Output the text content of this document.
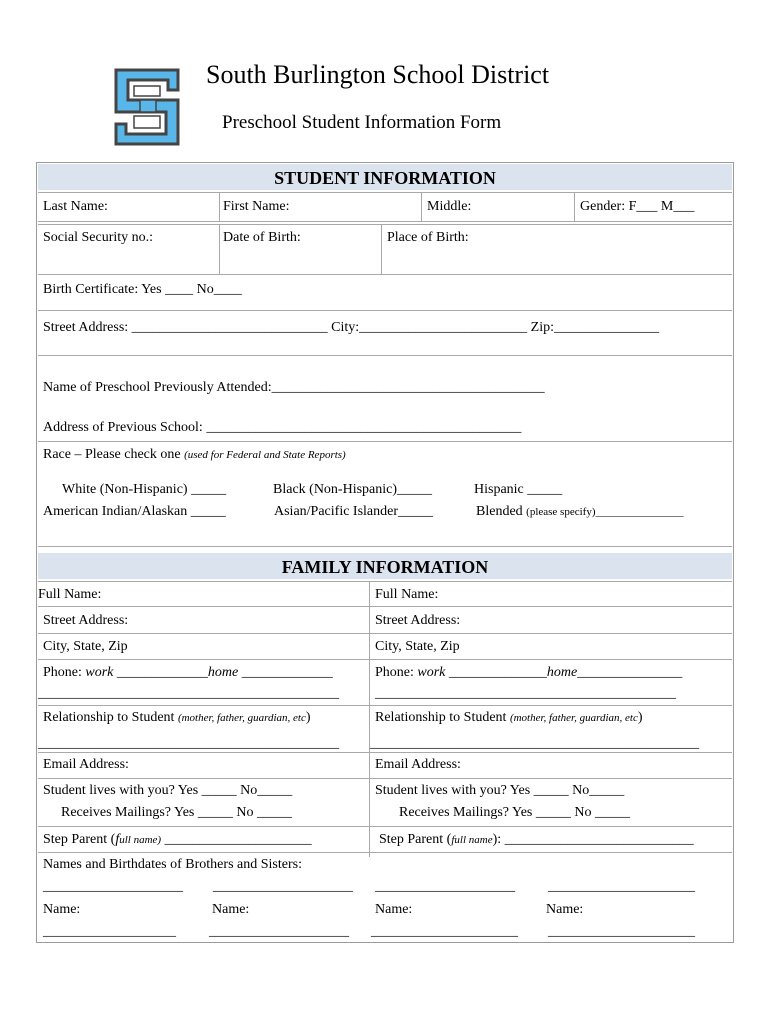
South Burlington School District
Preschool Student Information Form
STUDENT INFORMATION
Last Name:	First Name:	Middle:	Gender: F___ M___
Social Security no.:	Date of Birth:	Place of Birth:
Birth Certificate: Yes ____ No____
Street Address: ____________________________ City:________________________ Zip:_______________
Name of Preschool Previously Attended:_______________________________________
Address of Previous School: _____________________________________________
Race – Please check one (used for Federal and State Reports)
White (Non-Hispanic) _____	Black (Non-Hispanic)_____	Hispanic _____
American Indian/Alaskan _____	Asian/Pacific Islander_____	Blended (please specify)________________
FAMILY INFORMATION
Full Name:	Full Name:
Street Address:	Street Address:
City, State, Zip	City, State, Zip
Phone: work _____________home _____________	Phone: work ______________home_______________
___________________________________________	___________________________________________
Relationship to Student (mother, father, guardian, etc)	Relationship to Student (mother, father, guardian, etc)
___________________________________________ _______________________________________________
Email Address:	Email Address:
Student lives with you? Yes _____ No_____	Student lives with you? Yes _____ No_____
Receives Mailings? Yes _____ No _____	Receives Mailings? Yes _____ No _____
Step Parent (full name) _____________________	Step Parent (full name): ___________________________
Names and Birthdates of Brothers and Sisters:
____________________ ____________________ ____________________ _____________________
Name:	Name:	Name:	Name:
___________________ ____________________ _____________________ _____________________
